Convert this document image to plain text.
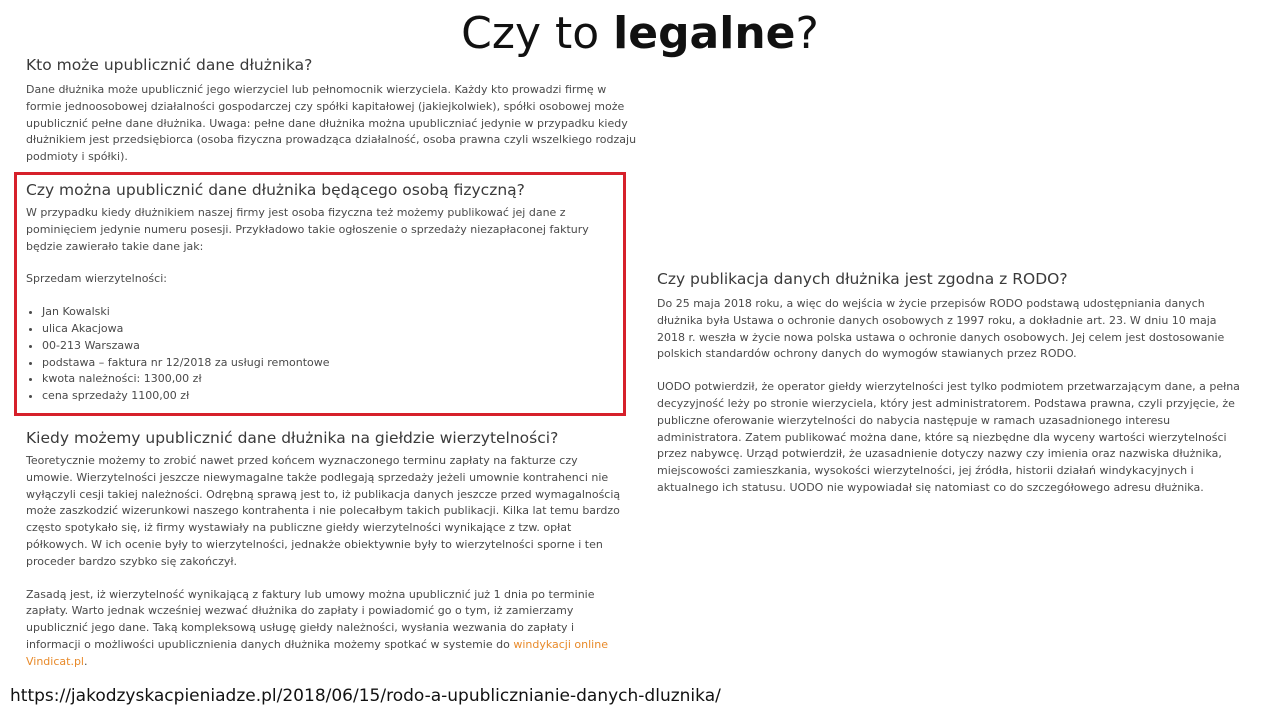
Czy to legalne?
Kto może upublicznić dane dłużnika?

Dane dłużnika może upublicznić jego wierzyciel lub pełnomocnik wierzyciela. Każdy kto prowadzi firmę w formie jednoosobowej działalności gospodarczej czy spółki kapitałowej (jakiejkolwiek), spółki osobowej może upublicznić pełne dane dłużnika. Uwaga: pełne dane dłużnika można upubliczniać jedynie w przypadku kiedy dłużnikiem jest przedsiębiorca (osoba fizyczna prowadząca działalność, osoba prawna czyli wszelkiego rodzaju podmioty i spółki).

Czy można upublicznić dane dłużnika będącego osobą fizyczną?

W przypadku kiedy dłużnikiem naszej firmy jest osoba fizyczna też możemy publikować jej dane z pominięciem jedynie numeru posesji. Przykładowo takie ogłoszenie o sprzedaży niezapłaconej faktury będzie zawierało takie dane jak:

Sprzedam wierzytelności:

• Jan Kowalski
• ulica Akacjowa
• 00-213 Warszawa
• podstawa – faktura nr 12/2018 za usługi remontowe
• kwota należności: 1300,00 zł
• cena sprzedaży 1100,00 zł
Kiedy możemy upublicznić dane dłużnika na giełdzie wierzytelności?

Teoretycznie możemy to zrobić nawet przed końcem wyznaczonego terminu zapłaty na fakturze czy umowie. Wierzytelności jeszcze niewymagalne także podlegają sprzedaży jeżeli umownie kontrahenci nie wyłączyli cesji takiej należności. Odrębną sprawą jest to, iż publikacja danych jeszcze przed wymagalnością może zaszkodzić wizerunkowi naszego kontrahenta i nie polecałbym takich publikacji. Kilka lat temu bardzo często spotykało się, iż firmy wystawiały na publiczne giełdy wierzytelności wynikające z tzw. opłat półkowych. W ich ocenie były to wierzytelności, jednakże obiektywnie były to wierzytelności sporne i ten proceder bardzo szybko się zakończył.

Zasadą jest, iż wierzytelność wynikającą z faktury lub umowy można upublicznić już 1 dnia po terminie zapłaty. Warto jednak wcześniej wezwać dłużnika do zapłaty i powiadomić go o tym, iż zamierzamy upublicznić jego dane. Taką kompleksową usługę giełdy należności, wysłania wezwania do zapłaty i informacji o możliwości upublicznienia danych dłużnika możemy spotkać w systemie do windykacji online Vindicat.pl.

Czy publikacja danych dłużnika jest zgodna z RODO?

Do 25 maja 2018 roku, a więc do wejścia w życie przepisów RODO podstawą udostępniania danych dłużnika była Ustawa o ochronie danych osobowych z 1997 roku, a dokładnie art. 23. W dniu 10 maja 2018 r. weszła w życie nowa polska ustawa o ochronie danych osobowych. Jej celem jest dostosowanie polskich standardów ochrony danych do wymogów stawianych przez RODO.

UODO potwierdził, że operator giełdy wierzytelności jest tylko podmiotem przetwarzającym dane, a pełna decyzyjność leży po stronie wierzyciela, który jest administratorem. Podstawa prawna, czyli przyjęcie, że publiczne oferowanie wierzytelności do nabycia następuje w ramach uzasadnionego interesu administratora. Zatem publikować można dane, które są niezbędne dla wyceny wartości wierzytelności przez nabywcę. Urząd potwierdził, że uzasadnienie dotyczy nazwy czy imienia oraz nazwiska dłużnika, miejscowości zamieszkania, wysokości wierzytelności, jej źródła, historii działań windykacyjnych i aktualnego ich statusu. UODO nie wypowiadał się natomiast co do szczegółowego adresu dłużnika.

https://jakodzyskacpieniadze.pl/2018/06/15/rodo-a-upublicznianie-danych-dluznika/
